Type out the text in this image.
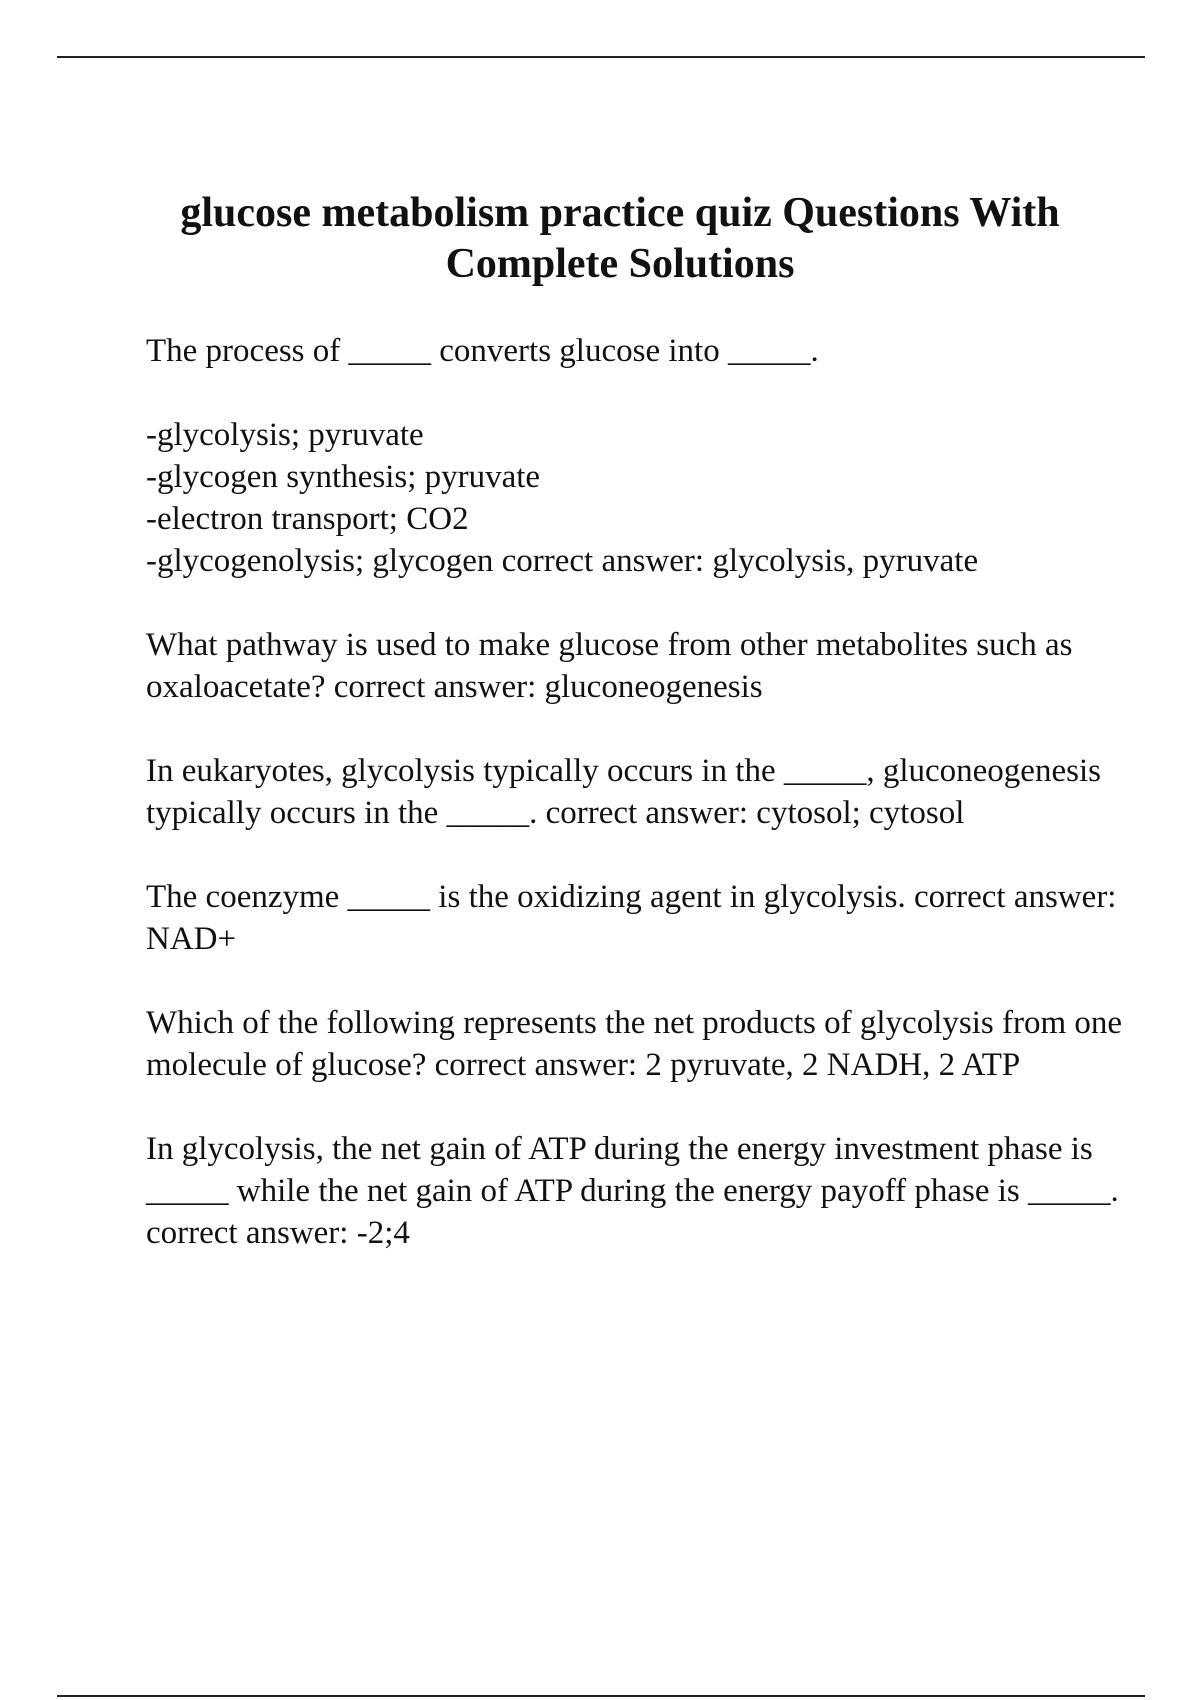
glucose metabolism practice quiz Questions With Complete Solutions

The process of _____ converts glucose into _____.

-glycolysis; pyruvate
-glycogen synthesis; pyruvate
-electron transport; CO2
-glycogenolysis; glycogen correct answer: glycolysis, pyruvate

What pathway is used to make glucose from other metabolites such as oxaloacetate? correct answer: gluconeogenesis

In eukaryotes, glycolysis typically occurs in the _____, gluconeogenesis typically occurs in the _____. correct answer: cytosol; cytosol

The coenzyme _____ is the oxidizing agent in glycolysis. correct answer: NAD+

Which of the following represents the net products of glycolysis from one molecule of glucose? correct answer: 2 pyruvate, 2 NADH, 2 ATP

In glycolysis, the net gain of ATP during the energy investment phase is _____ while the net gain of ATP during the energy payoff phase is _____. correct answer: -2;4
